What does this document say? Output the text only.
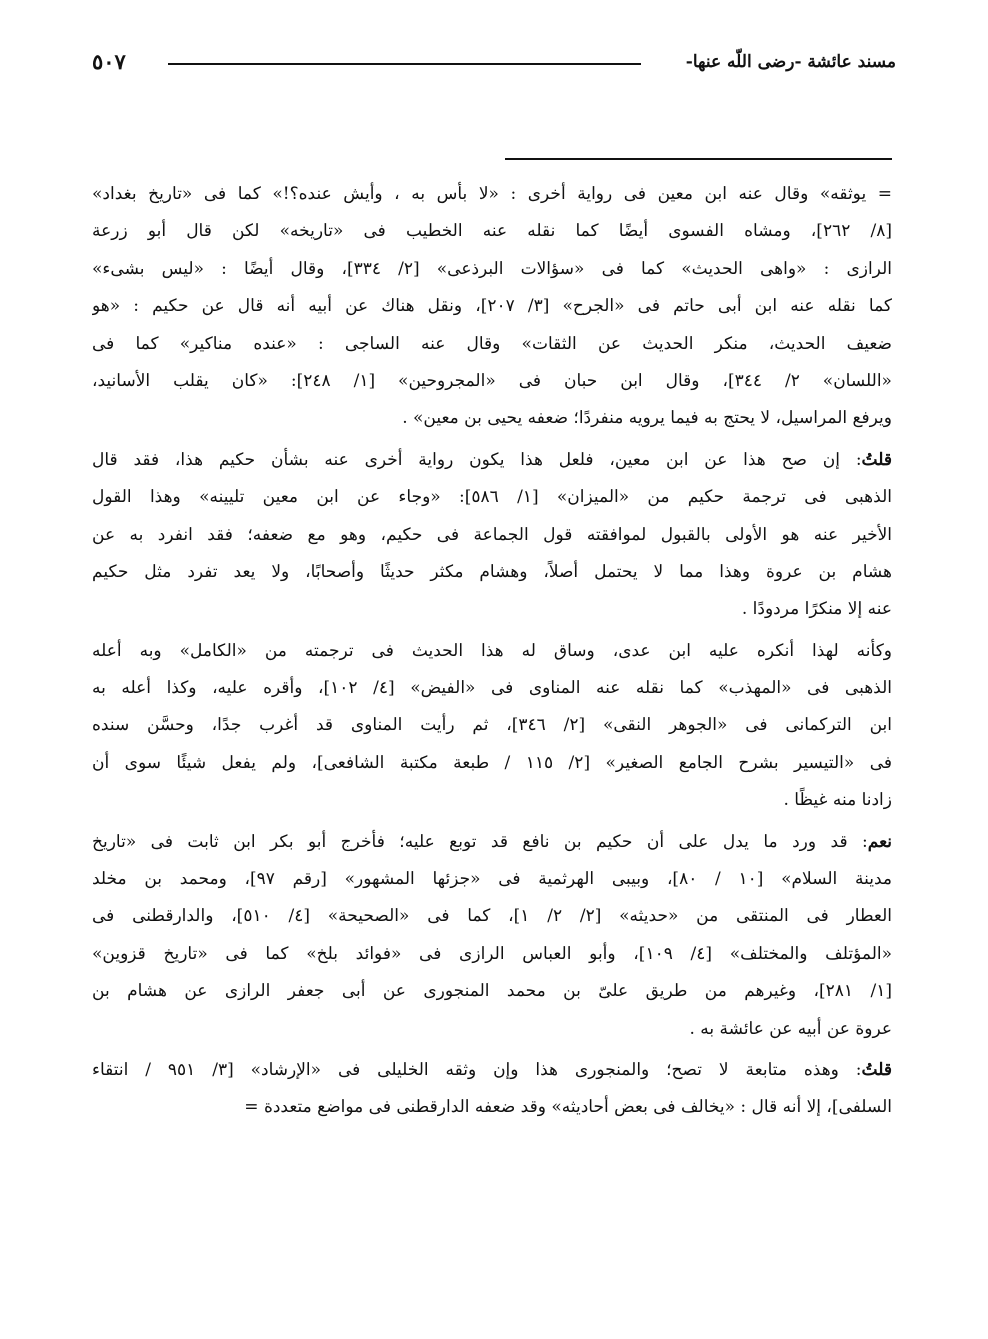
مسند عائشة -رضى اللّه عنها-
٥٠٧
= يوثقه» وقال عنه ابن معين فى رواية أخرى : «لا بأس به ، وأيش عنده؟!» كما فى «تاريخ بغداد»
[٨/ ٢٦٢]، ومشاه الفسوى أيضًا كما نقله عنه الخطيب فى «تاريخه» لكن قال أبو زرعة
الرازى : «واهى الحديث» كما فى «سؤالات البرذعى» [٢/ ٣٣٤]، وقال أيضًا : «ليس بشىء»
كما نقله عنه ابن أبى حاتم فى «الجرح» [٣/ ٢٠٧]، ونقل هناك عن أبيه أنه قال عن حكيم : «هو
ضعيف الحديث، منكر الحديث عن الثقات» وقال عنه الساجى : «عنده مناكير» كما فى
«اللسان» ٢/ ٣٤٤]، وقال ابن حبان فى «المجروحين» [١/ ٢٤٨]: «كان يقلب الأسانيد،
ويرفع المراسيل، لا يحتج به فيما يرويه منفردًا؛ ضعفه يحيى بن معين» .
قلتُ: إن صح هذا عن ابن معين، فلعل هذا يكون رواية أخرى عنه بشأن حكيم هذا، فقد قال
الذهبى فى ترجمة حكيم من «الميزان» [١/ ٥٨٦]: «وجاء عن ابن معين تليينه» وهذا القول
الأخير عنه هو الأولى بالقبول لموافقته قول الجماعة فى حكيم، وهو مع ضعفه؛ فقد انفرد به عن
هشام بن عروة وهذا مما لا يحتمل أصلاً، وهشام مكثر حديثًا وأصحابًا، ولا يعد تفرد مثل حكيم
عنه إلا منكرًا مردودًا .
وكأنه لهذا أنكره عليه ابن عدى، وساق له هذا الحديث فى ترجمته من «الكامل» وبه أعله
الذهبى فى «المهذب» كما نقله عنه المناوى فى «الفيض» [٤/ ١٠٢]، وأقره عليه، وكذا أعله به
ابن التركمانى فى «الجوهر النقى» [٢/ ٣٤٦]، ثم رأيت المناوى قد أغرب جدًا، وحسَّن سنده
فى «التيسير بشرح الجامع الصغير» [٢/ ١١٥ / طبعة مكتبة الشافعى]، ولم يفعل شيئًا سوى أن
زادنا منه غيظًا .
نعم: قد ورد ما يدل على أن حكيم بن نافع قد توبع عليه؛ فأخرج أبو بكر ابن ثابت فى «تاريخ
مدينة السلام» [١٠ / ٨٠]، وبيبى الهرثمية فى «جزئها المشهور» [رقم ٩٧]، ومحمد بن مخلد
العطار فى المنتقى من «حديثه» [٢/ ٢/ ١]، كما فى «الصحيحة» [٤/ ٥١٠]، والدارقطنى فى
«المؤتلف والمختلف» [٤/ ١٠٩]، وأبو العباس الرازى فى «فوائد بلخ» كما فى «تاريخ قزوين»
[١/ ٢٨١]، وغيرهم من طريق علىّ بن محمد المنجورى عن أبى جعفر الرازى عن هشام بن
عروة عن أبيه عن عائشة به .
قلتُ: وهذه متابعة لا تصح؛ والمنجورى هذا وإن وثقه الخليلى فى «الإرشاد» [٣/ ٩٥١ / انتقاء
السلفى]، إلا أنه قال : «يخالف فى بعض أحاديثه» وقد ضعفه الدارقطنى فى مواضع متعددة =
